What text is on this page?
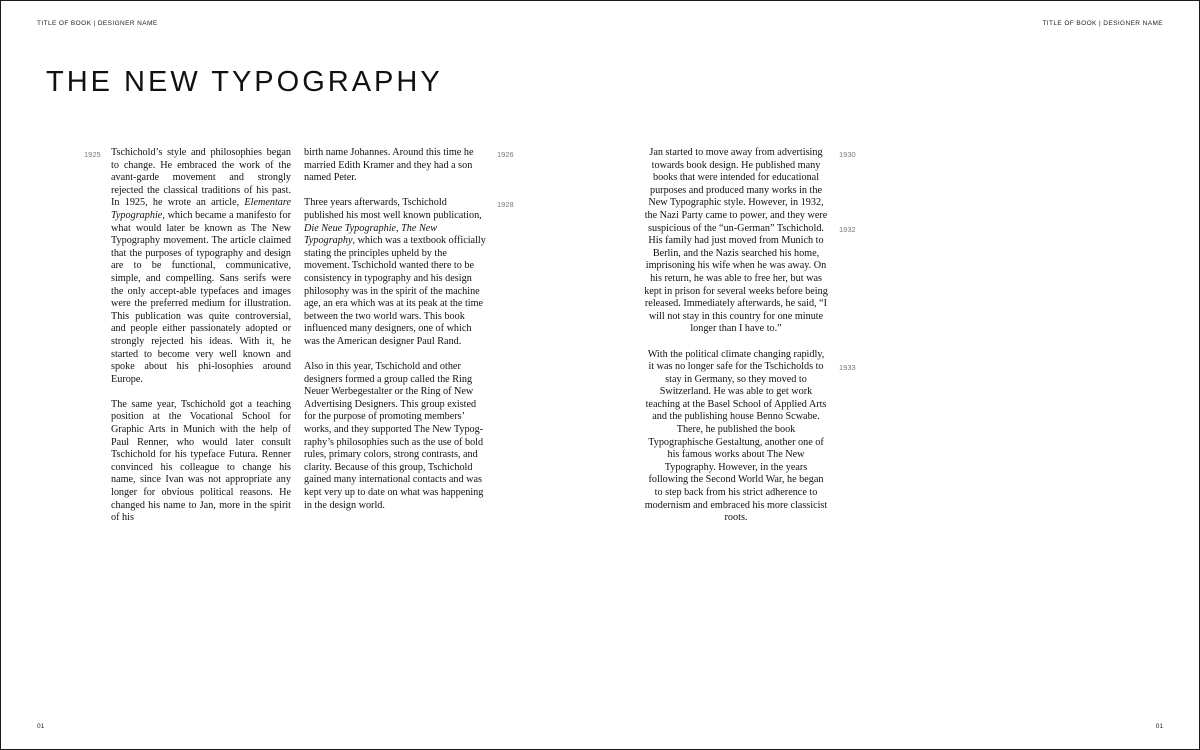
TITLE OF BOOK | DESIGNER NAME	TITLE OF BOOK | DESIGNER NAME
THE NEW TYPOGRAPHY
1925	1926
1928
1930
1932
1933

Tschichold’s style and philosophies began to change. He embraced the work of the avant-garde movement and strongly rejected the classical traditions of his past. In 1925, he wrote an article, Elementare Typographie, which became a manifesto for what would later be known as The New Typography movement. The article claimed that the purposes of typography and design are to be functional, communicative, simple, and compelling. Sans serifs were the only accept-able typefaces and images were the preferred medium for illustration. This publication was quite controversial, and people either passionately adopted or strongly rejected his ideas. With it, he started to become very well known and spoke about his phi-losophies around Europe.

The same year, Tschichold got a teaching position at the Vocational School for Graphic Arts in Munich with the help of Paul Renner, who would later consult Tschichold for his typeface Futura. Renner convinced his colleague to change his name, since Ivan was not appropriate any longer for obvious political reasons. He changed his name to Jan, more in the spirit of his

birth name Johannes. Around this time he married Edith Kramer and they had a son named Peter.

Three years afterwards, Tschichold published his most well known publication, Die Neue Typographie, The New Typography, which was a textbook officially stating the principles upheld by the movement. Tschichold wanted there to be consistency in typography and his design philosophy was in the spirit of the machine age, an era which was at its peak at the time between the two world wars. This book influenced many designers, one of which was the American designer Paul Rand.

Also in this year, Tschichold and other designers formed a group called the Ring Neuer Werbegestalter or the Ring of New Advertising Designers. This group existed for the purpose of promoting members’ works, and they supported The New Typog-raphy’s philosophies such as the use of bold rules, primary colors, strong contrasts, and clarity. Because of this group, Tschichold gained many international contacts and was kept very up to date on what was happening in the design world.

Jan started to move away from advertising towards book design. He published many books that were intended for educational purposes and produced many works in the New Typographic style. However, in 1932, the Nazi Party came to power, and they were suspicious of the “un-German” Tschichold. His family had just moved from Munich to Berlin, and the Nazis searched his home, imprisoning his wife when he was away. On his return, he was able to free her, but was kept in prison for several weeks before being released. Immediately afterwards, he said, “I will not stay in this country for one minute longer than I have to.”

With the political climate changing rapidly, it was no longer safe for the Tschicholds to stay in Germany, so they moved to Switzerland. He was able to get work teaching at the Basel School of Applied Arts and the publishing house Benno Scwabe. There, he published the book Typographische Gestaltung, another one of his famous works about The New Typography. However, in the years following the Second World War, he began to step back from his strict adherence to modernism and embraced his more classicist roots.

01	01
